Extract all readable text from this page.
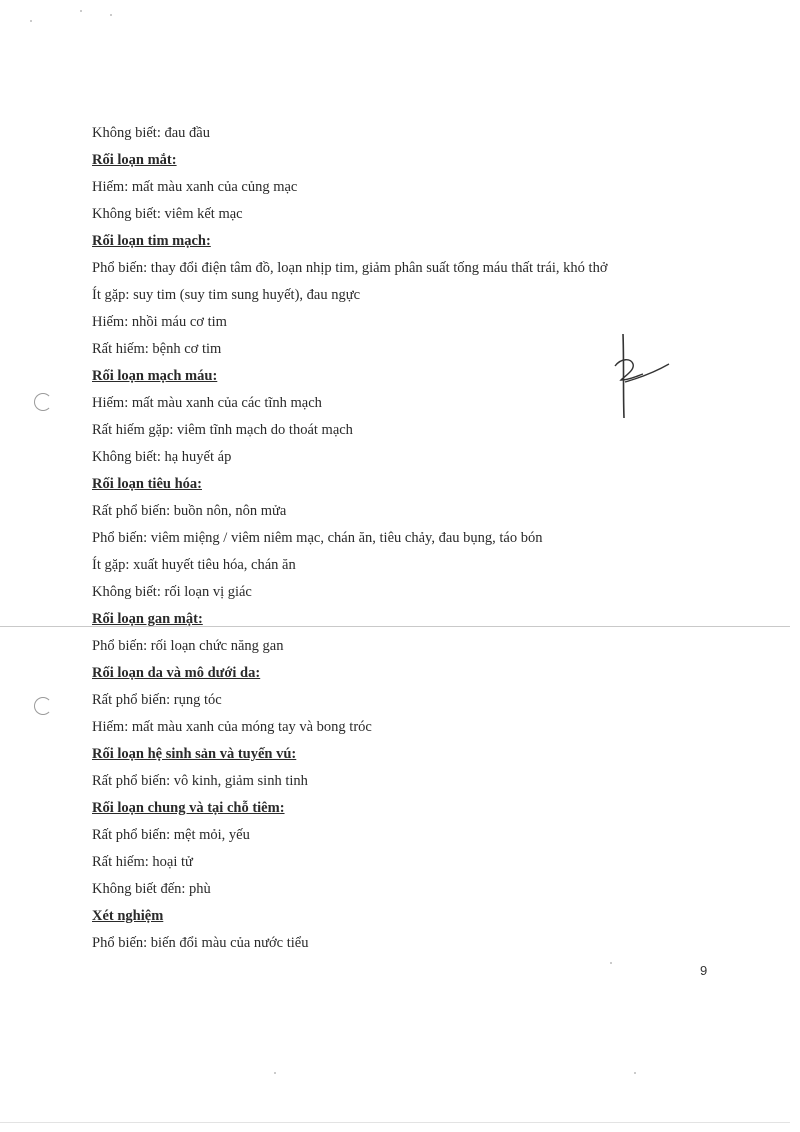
Không biết: đau đầu
Rối loạn mắt:
Hiếm: mất màu xanh của củng mạc
Không biết: viêm kết mạc
Rối loạn tim mạch:
Phổ biến: thay đổi điện tâm đồ, loạn nhịp tim, giảm phân suất tống máu thất trái, khó thở
Ít gặp: suy tim (suy tim sung huyết), đau ngực
Hiếm: nhồi máu cơ tim
Rất hiếm: bệnh cơ tim
Rối loạn mạch máu:
Hiếm: mất màu xanh của các tĩnh mạch
Rất hiếm gặp: viêm tĩnh mạch do thoát mạch
Không biết: hạ huyết áp
Rối loạn tiêu hóa:
Rất phổ biến: buồn nôn, nôn mửa
Phổ biến: viêm miệng / viêm niêm mạc, chán ăn, tiêu chảy, đau bụng, táo bón
Ít gặp: xuất huyết tiêu hóa, chán ăn
Không biết: rối loạn vị giác
Rối loạn gan mật:
Phổ biến: rối loạn chức năng gan
Rối loạn da và mô dưới da:
Rất phổ biến: rụng tóc
Hiếm: mất màu xanh của móng tay và bong tróc
Rối loạn hệ sinh sản và tuyến vú:
Rất phổ biến: vô kinh, giảm sinh tinh
Rối loạn chung và tại chỗ tiêm:
Rất phổ biến: mệt mỏi, yếu
Rất hiếm: hoại tử
Không biết đến: phù
Xét nghiệm
Phổ biến: biến đổi màu của nước tiểu
9
